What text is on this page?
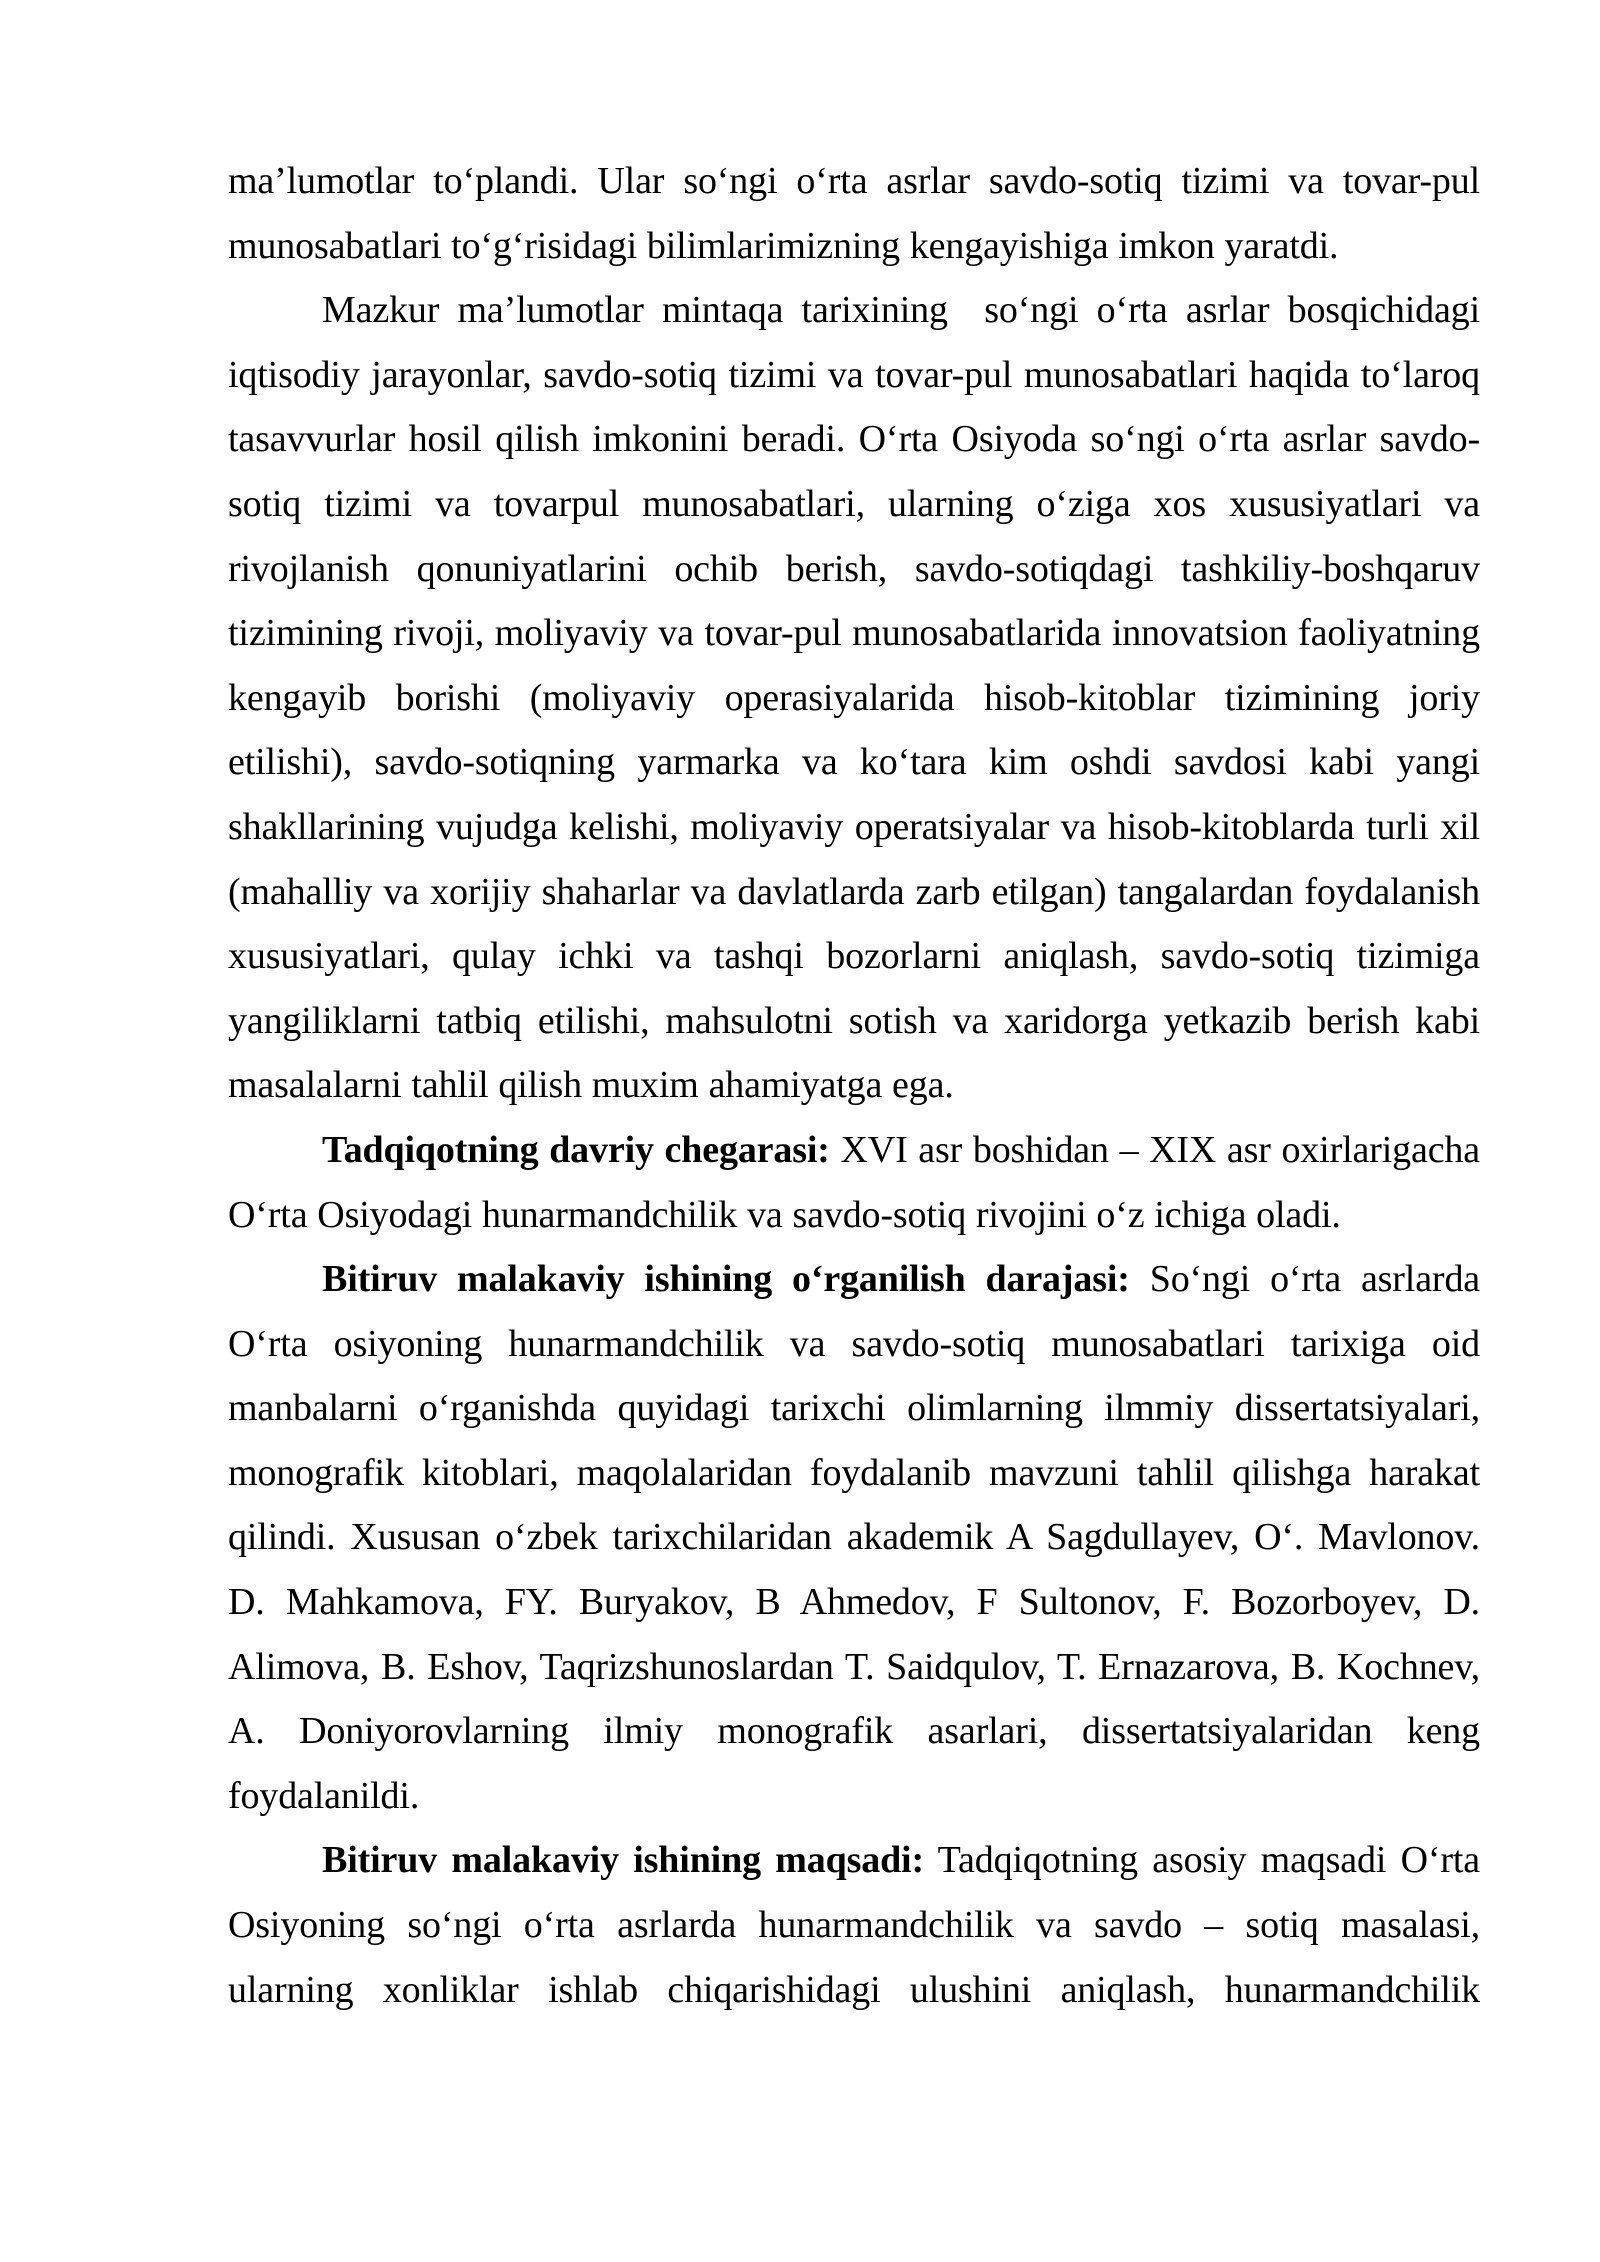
ma’lumotlar to‘plandi. Ular so‘ngi o‘rta asrlar savdo-sotiq tizimi va tovar-pul
munosabatlari to‘g‘risidagi bilimlarimizning kengayishiga imkon yaratdi.
Mazkur ma’lumotlar mintaqa tarixining  so‘ngi o‘rta asrlar bosqichidagi
iqtisodiy jarayonlar, savdo-sotiq tizimi va tovar-pul munosabatlari haqida to‘laroq
tasavvurlar hosil qilish imkonini beradi. O‘rta Osiyoda so‘ngi o‘rta asrlar savdo-
sotiq tizimi va tovarpul munosabatlari, ularning o‘ziga xos xususiyatlari va
rivojlanish qonuniyatlarini ochib berish, savdo-sotiqdagi tashkiliy-boshqaruv
tizimining rivoji, moliyaviy va tovar-pul munosabatlarida innovatsion faoliyatning
kengayib borishi (moliyaviy operasiyalarida hisob-kitoblar tizimining joriy
etilishi), savdo-sotiqning yarmarka va ko‘tara kim oshdi savdosi kabi yangi
shakllarining vujudga kelishi, moliyaviy operatsiyalar va hisob-kitoblarda turli xil
(mahalliy va xorijiy shaharlar va davlatlarda zarb etilgan) tangalardan foydalanish
xususiyatlari, qulay ichki va tashqi bozorlarni aniqlash, savdo-sotiq tizimiga
yangiliklarni tatbiq etilishi, mahsulotni sotish va xaridorga yetkazib berish kabi
masalalarni tahlil qilish muxim ahamiyatga ega.
Tadqiqotning davriy chegarasi: XVI asr boshidan – XIX asr oxirlarigacha
O‘rta Osiyodagi hunarmandchilik va savdo-sotiq rivojini o‘z ichiga oladi.
Bitiruv malakaviy ishining o‘rganilish darajasi: So‘ngi o‘rta asrlarda
O‘rta osiyoning hunarmandchilik va savdo-sotiq munosabatlari tarixiga oid
manbalarni o‘rganishda quyidagi tarixchi olimlarning ilmmiy dissertatsiyalari,
monografik kitoblari, maqolalaridan foydalanib mavzuni tahlil qilishga harakat
qilindi. Xususan o‘zbek tarixchilaridan akademik A Sagdullayev, O‘. Mavlonov.
D. Mahkamova, FY. Buryakov, B Ahmedov, F Sultonov, F. Bozorboyev, D.
Alimova, B. Eshov, Taqrizshunoslardan T. Saidqulov, T. Ernazarova, B. Kochnev,
A. Doniyorovlarning ilmiy monografik asarlari, dissertatsiyalaridan keng
foydalanildi.
Bitiruv malakaviy ishining maqsadi: Tadqiqotning asosiy maqsadi O‘rta
Osiyoning so‘ngi o‘rta asrlarda hunarmandchilik va savdo – sotiq masalasi,
ularning xonliklar ishlab chiqarishidagi ulushini aniqlash, hunarmandchilik
